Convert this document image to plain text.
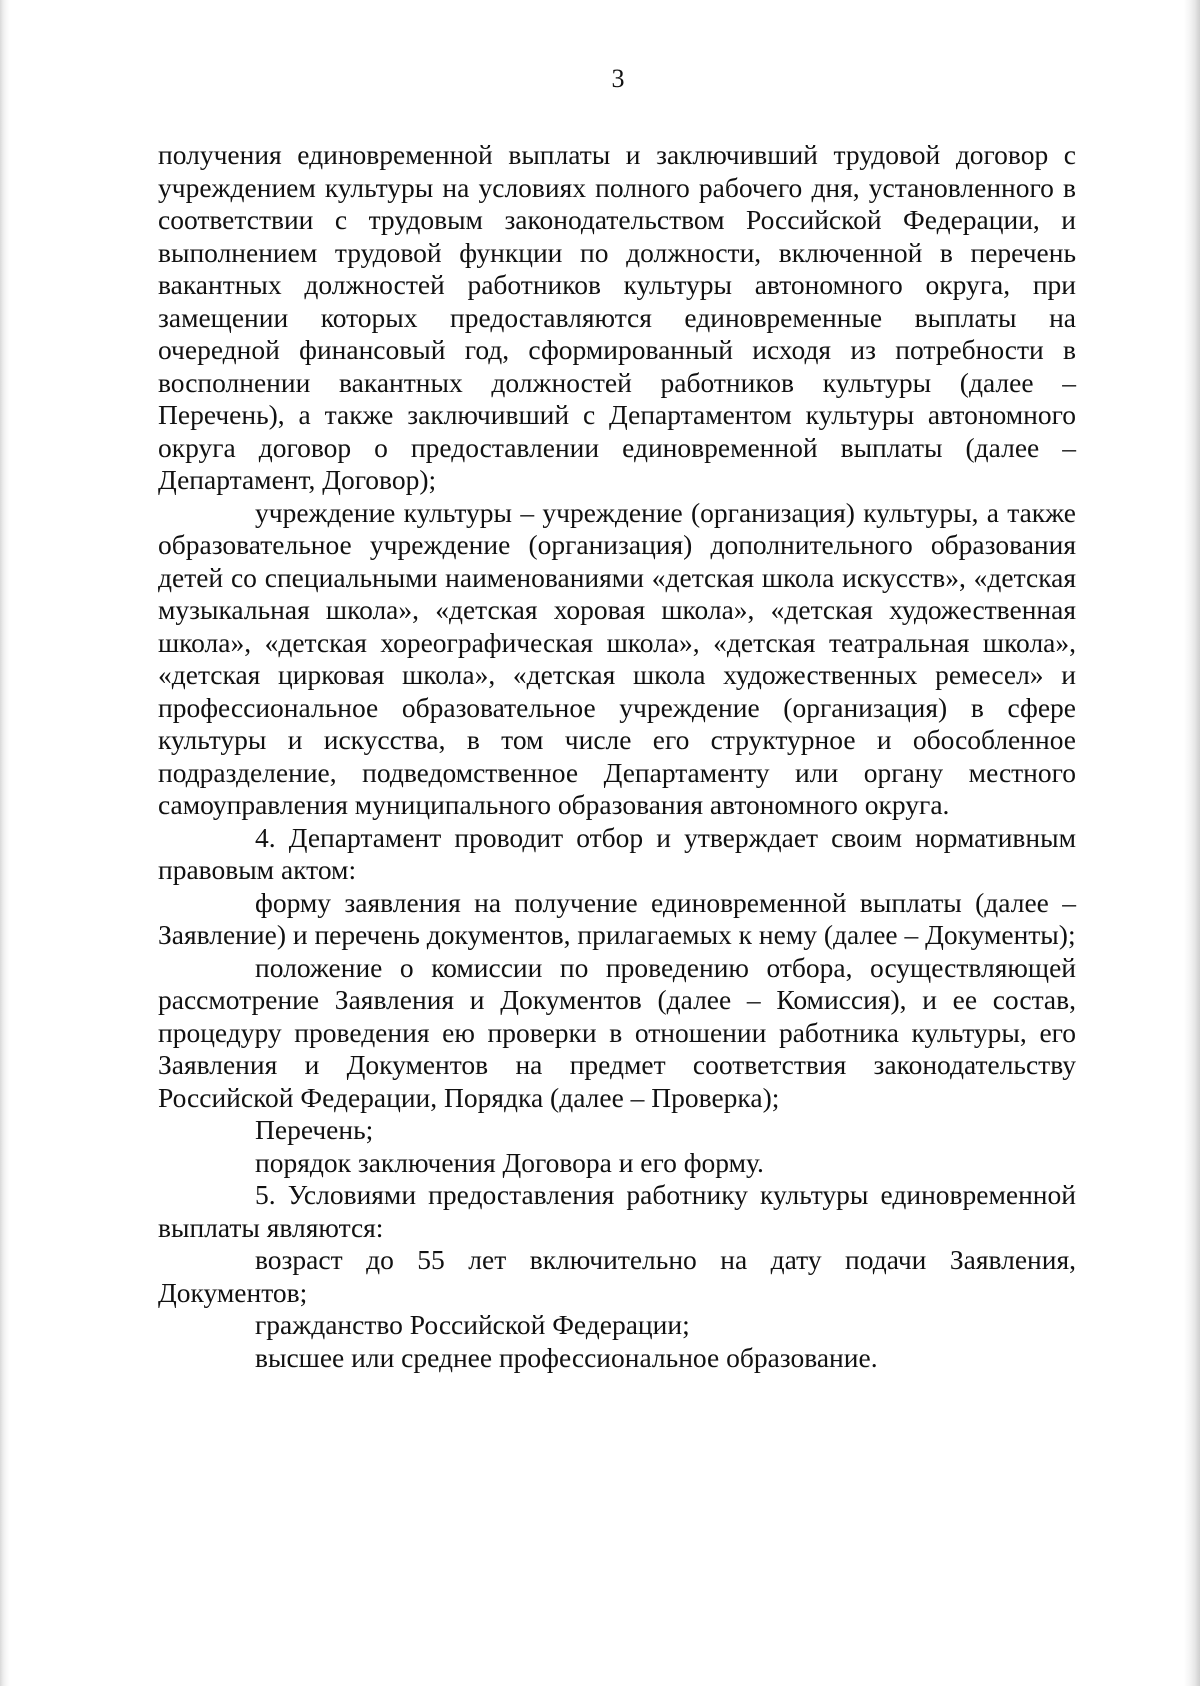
3

получения единовременной выплаты и заключивший трудовой договор с учреждением культуры на условиях полного рабочего дня, установленного в соответствии с трудовым законодательством Российской Федерации, и выполнением трудовой функции по должности, включенной в перечень вакантных должностей работников культуры автономного округа, при замещении которых предоставляются единовременные выплаты на очередной финансовый год, сформированный исходя из потребности в восполнении вакантных должностей работников культуры (далее – Перечень), а также заключивший с Департаментом культуры автономного округа договор о предоставлении единовременной выплаты (далее – Департамент, Договор);

учреждение культуры – учреждение (организация) культуры, а также образовательное учреждение (организация) дополнительного образования детей со специальными наименованиями «детская школа искусств», «детская музыкальная школа», «детская хоровая школа», «детская художественная школа», «детская хореографическая школа», «детская театральная школа», «детская цирковая школа», «детская школа художественных ремесел» и профессиональное образовательное учреждение (организация) в сфере культуры и искусства, в том числе его структурное и обособленное подразделение, подведомственное Департаменту или органу местного самоуправления муниципального образования автономного округа.

4. Департамент проводит отбор и утверждает своим нормативным правовым актом:

форму заявления на получение единовременной выплаты (далее – Заявление) и перечень документов, прилагаемых к нему (далее – Документы);

положение о комиссии по проведению отбора, осуществляющей рассмотрение Заявления и Документов (далее – Комиссия), и ее состав, процедуру проведения ею проверки в отношении работника культуры, его Заявления и Документов на предмет соответствия законодательству Российской Федерации, Порядка (далее – Проверка);

Перечень;

порядок заключения Договора и его форму.

5. Условиями предоставления работнику культуры единовременной выплаты являются:

возраст до 55 лет включительно на дату подачи Заявления, Документов;

гражданство Российской Федерации;

высшее или среднее профессиональное образование.
